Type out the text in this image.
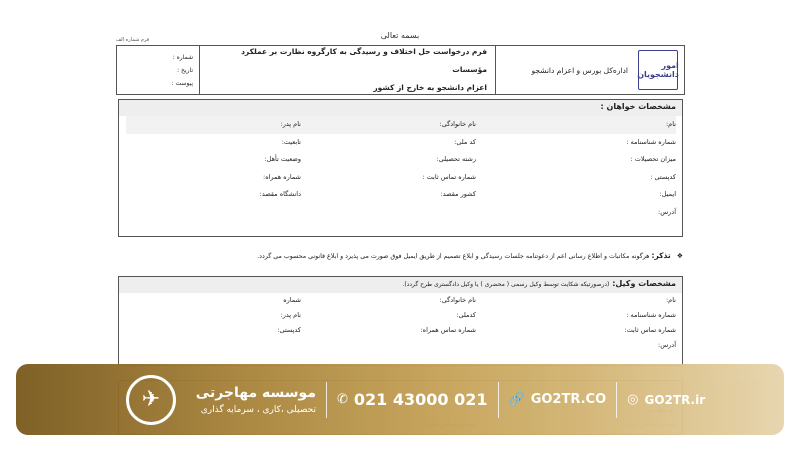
بسمه تعالی
فرم شماره الف
امور دانشجویان
اداره‌کل بورس و اعزام دانشجو
فرم درخواست حل اختلاف و رسیدگی به کارگروه نظارت بر عملکرد مؤسسات
اعزام دانشجو به خارج از کشور
شماره :
تاریخ :
پیوست :
مشخصات خواهان :
نام:
نام خانوادگی:
نام پدر:
شماره شناسنامه :
کد ملی:
تابعیت:
میزان تحصیلات :
رشته تحصیلی:
وضعیت تأهل:
کدپستی :
شماره تماس ثابت :
شماره همراه:
ایمیل:
کشور مقصد:
دانشگاه مقصد:
آدرس:
❖ تذکر: هرگونه مکاتبات و اطلاع رسانی اعم از دعوتنامه جلسات رسیدگی و ابلاغ تصمیم از طریق ایمیل فوق صورت می پذیرد و ابلاغ قانونی محسوب می گردد.
مشخصات وکیل: (درصورتیکه شکایت توسط وکیل رسمی ( محضری ) یا وکیل دادگستری طرح گردد).
نام:
نام خانوادگی:
شماره
شماره شناسنامه :
کدملی:
نام پدر:
شماره تماس ثابت:
شماره تماس همراه:
کدپستی:
آدرس:
✈	موسسه مهاجرتی
تحصیلی ،کاری ، سرمایه گذاری
✆ 021 43000 021 🔗 GO2TR.CO ◎ GO2TR.ir
